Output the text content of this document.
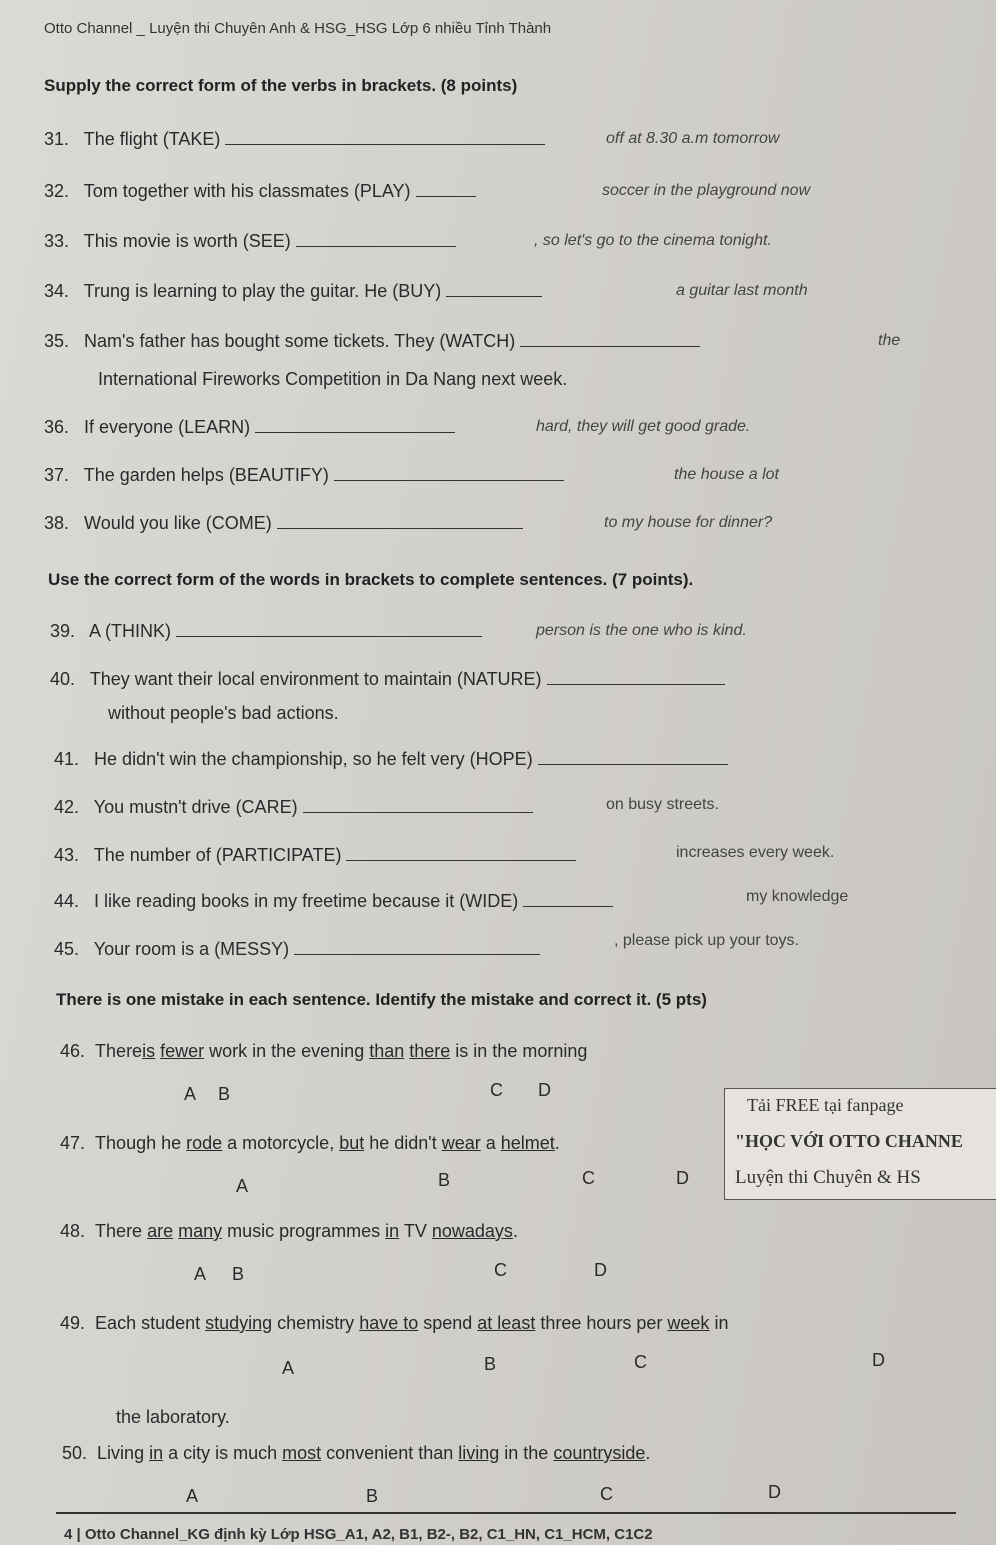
Otto Channel _ Luyện thi Chuyên Anh & HSG_HSG Lớp 6 nhiều Tỉnh Thành
Supply the correct form of the verbs in brackets. (8 points)
31. The flight (TAKE)	off at 8.30 a.m tomorrow
32. Tom together with his classmates (PLAY)	soccer in the playground now
33. This movie is worth (SEE)	, so let's go to the cinema tonight.
34. Trung is learning to play the guitar. He (BUY)	a guitar last month
35. Nam's father has bought some tickets. They (WATCH)	the
International Fireworks Competition in Da Nang next week.
36. If everyone (LEARN)	hard, they will get good grade.
37. The garden helps (BEAUTIFY)	the house a lot
38. Would you like (COME)	to my house for dinner?
Use the correct form of the words in brackets to complete sentences. (7 points).
39. A (THINK)	person is the one who is kind.
40. They want their local environment to maintain (NATURE)
without people's bad actions.
41. He didn't win the championship, so he felt very (HOPE)
42. You mustn't drive (CARE)	on busy streets.
43. The number of (PARTICIPATE)	increases every week.
44. I like reading books in my freetime because it (WIDE)	my knowledge
45. Your room is a (MESSY)	, please pick up your toys.
There is one mistake in each sentence. Identify the mistake and correct it. (5 pts)
46. Thereis fewer work in the evening than there is in the morning
A B	C D
47. Though he rode a motorcycle, but he didn't wear a helmet.
A	B	C	D
Tải FREE tại fanpage
"HỌC VỚI OTTO CHANNE
Luyện thi Chuyên & HS
48. There are many music programmes in TV nowadays.
A B	C	D
49. Each student studying chemistry have to spend at least three hours per week in
A	B	C	D
the laboratory.
50. Living in a city is much most convenient than living in the countryside.
A	B	C	D
4 | Otto Channel_KG định kỳ Lớp HSG_A1, A2, B1, B2-, B2, C1_HN, C1_HCM, C1C2
